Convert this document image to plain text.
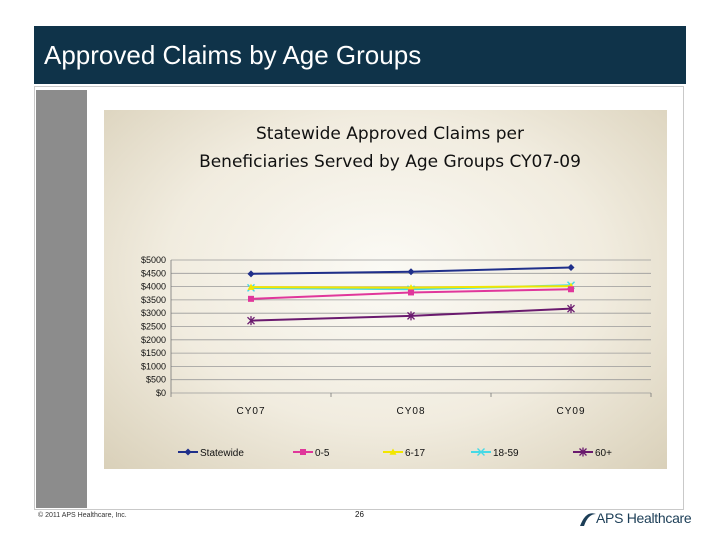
Approved Claims by Age Groups
Statewide Approved Claims per
Beneficiaries Served by Age Groups CY07-09
$0
$500
$1000
$1500
$2000
$2500
$3000
$3500
$4000
$4500
$5000
CY07	CY08	CY09
Statewide	0-5	6-17	18-59	60+
© 2011 APS Healthcare, Inc.	26	APS Healthcare
